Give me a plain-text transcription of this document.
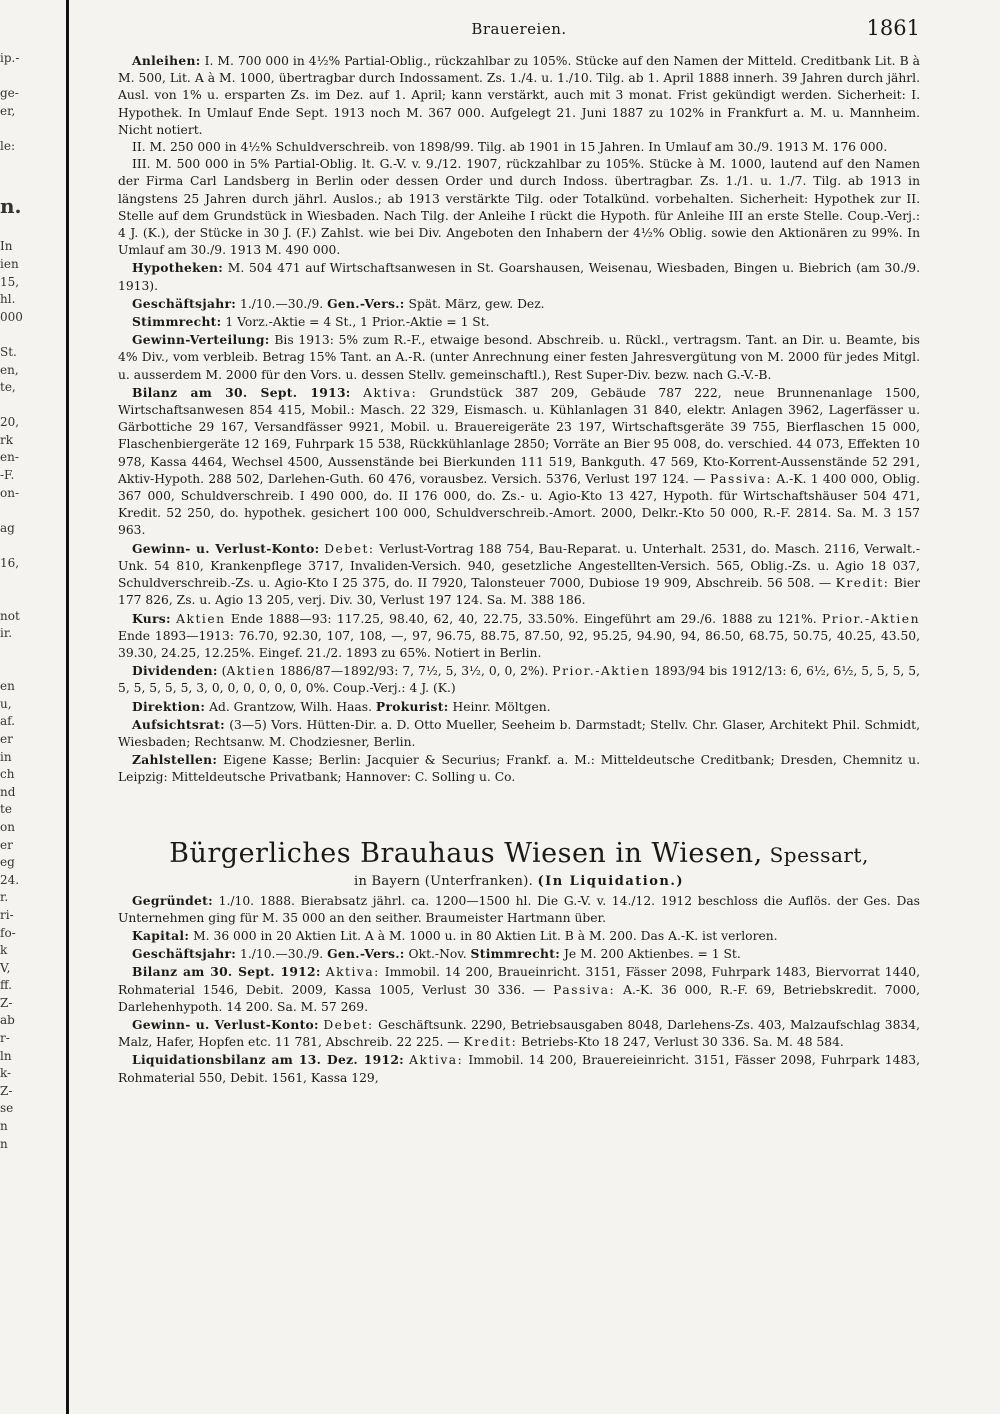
ip.-

ge-
er,

le:

n.

In
ien
15,
hl.
000

St.
en,
te,

20,
rk
en-
-F.
on-

ag

16,

not
ir.

en
u,
af.
er
in
ch
nd
te
on
er
eg
24.
r.
ri-
fo-
k
V,
ff.
Z-
ab
r-
ln
k-
Z-
se
n
n
Brauereien.	1861

Anleihen: I. M. 700 000 in 4½% Partial-Oblig., rückzahlbar zu 105%. Stücke auf den Namen der Mitteld. Creditbank Lit. B à M. 500, Lit. A à M. 1000, übertragbar durch Indossament. Zs. 1./4. u. 1./10. Tilg. ab 1. April 1888 innerh. 39 Jahren durch jährl. Ausl. von 1% u. ersparten Zs. im Dez. auf 1. April; kann verstärkt, auch mit 3 monat. Frist gekündigt werden. Sicherheit: I. Hypothek. In Umlauf Ende Sept. 1913 noch M. 367 000. Aufgelegt 21. Juni 1887 zu 102% in Frankfurt a. M. u. Mannheim. Nicht notiert.

II. M. 250 000 in 4½% Schuldverschreib. von 1898/99. Tilg. ab 1901 in 15 Jahren. In Umlauf am 30./9. 1913 M. 176 000.

III. M. 500 000 in 5% Partial-Oblig. lt. G.-V. v. 9./12. 1907, rückzahlbar zu 105%. Stücke à M. 1000, lautend auf den Namen der Firma Carl Landsberg in Berlin oder dessen Order und durch Indoss. übertragbar. Zs. 1./1. u. 1./7. Tilg. ab 1913 in längstens 25 Jahren durch jährl. Auslos.; ab 1913 verstärkte Tilg. oder Totalkünd. vorbehalten. Sicherheit: Hypothek zur II. Stelle auf dem Grundstück in Wiesbaden. Nach Tilg. der Anleihe I rückt die Hypoth. für Anleihe III an erste Stelle. Coup.-Verj.: 4 J. (K.), der Stücke in 30 J. (F.) Zahlst. wie bei Div. Angeboten den Inhabern der 4½% Oblig. sowie den Aktionären zu 99%. In Umlauf am 30./9. 1913 M. 490 000.

Hypotheken: M. 504 471 auf Wirtschaftsanwesen in St. Goarshausen, Weisenau, Wiesbaden, Bingen u. Biebrich (am 30./9. 1913).

Geschäftsjahr: 1./10.—30./9. Gen.-Vers.: Spät. März, gew. Dez.

Stimmrecht: 1 Vorz.-Aktie = 4 St., 1 Prior.-Aktie = 1 St.

Gewinn-Verteilung: Bis 1913: 5% zum R.-F., etwaige besond. Abschreib. u. Rückl., vertragsm. Tant. an Dir. u. Beamte, bis 4% Div., vom verbleib. Betrag 15% Tant. an A.-R. (unter Anrechnung einer festen Jahresvergütung von M. 2000 für jedes Mitgl. u. ausserdem M. 2000 für den Vors. u. dessen Stellv. gemeinschaftl.), Rest Super-Div. bezw. nach G.-V.-B.

Bilanz am 30. Sept. 1913: Aktiva: Grundstück 387 209, Gebäude 787 222, neue Brunnenanlage 1500, Wirtschaftsanwesen 854 415, Mobil.: Masch. 22 329, Eismasch. u. Kühlanlagen 31 840, elektr. Anlagen 3962, Lagerfässer u. Gärbottiche 29 167, Versandfässer 9921, Mobil. u. Brauereigeräte 23 197, Wirtschaftsgeräte 39 755, Bierflaschen 15 000, Flaschenbiergeräte 12 169, Fuhrpark 15 538, Rückkühlanlage 2850; Vorräte an Bier 95 008, do. verschied. 44 073, Effekten 10 978, Kassa 4464, Wechsel 4500, Aussenstände bei Bierkunden 111 519, Bankguth. 47 569, Kto-Korrent-Aussenstände 52 291, Aktiv-Hypoth. 288 502, Darlehen-Guth. 60 476, vorausbez. Versich. 5376, Verlust 197 124. — Passiva: A.-K. 1 400 000, Oblig. 367 000, Schuldverschreib. I 490 000, do. II 176 000, do. Zs.- u. Agio-Kto 13 427, Hypoth. für Wirtschaftshäuser 504 471, Kredit. 52 250, do. hypothek. gesichert 100 000, Schuldverschreib.-Amort. 2000, Delkr.-Kto 50 000, R.-F. 2814. Sa. M. 3 157 963.

Gewinn- u. Verlust-Konto: Debet: Verlust-Vortrag 188 754, Bau-Reparat. u. Unterhalt. 2531, do. Masch. 2116, Verwalt.-Unk. 54 810, Krankenpflege 3717, Invaliden-Versich. 940, gesetzliche Angestellten-Versich. 565, Oblig.-Zs. u. Agio 18 037, Schuldverschreib.-Zs. u. Agio-Kto I 25 375, do. II 7920, Talonsteuer 7000, Dubiose 19 909, Abschreib. 56 508. — Kredit: Bier 177 826, Zs. u. Agio 13 205, verj. Div. 30, Verlust 197 124. Sa. M. 388 186.

Kurs: Aktien Ende 1888—93: 117.25, 98.40, 62, 40, 22.75, 33.50%. Eingeführt am 29./6. 1888 zu 121%. Prior.-Aktien Ende 1893—1913: 76.70, 92.30, 107, 108, —, 97, 96.75, 88.75, 87.50, 92, 95.25, 94.90, 94, 86.50, 68.75, 50.75, 40.25, 43.50, 39.30, 24.25, 12.25%. Eingef. 21./2. 1893 zu 65%. Notiert in Berlin.

Dividenden: (Aktien 1886/87—1892/93: 7, 7½, 5, 3½, 0, 0, 2%). Prior.-Aktien 1893/94 bis 1912/13: 6, 6½, 6½, 5, 5, 5, 5, 5, 5, 5, 5, 5, 3, 0, 0, 0, 0, 0, 0, 0%. Coup.-Verj.: 4 J. (K.)

Direktion: Ad. Grantzow, Wilh. Haas. Prokurist: Heinr. Möltgen.

Aufsichtsrat: (3—5) Vors. Hütten-Dir. a. D. Otto Mueller, Seeheim b. Darmstadt; Stellv. Chr. Glaser, Architekt Phil. Schmidt, Wiesbaden; Rechtsanw. M. Chodziesner, Berlin.

Zahlstellen: Eigene Kasse; Berlin: Jacquier & Securius; Frankf. a. M.: Mitteldeutsche Creditbank; Dresden, Chemnitz u. Leipzig: Mitteldeutsche Privatbank; Hannover: C. Solling u. Co.

Bürgerliches Brauhaus Wiesen in Wiesen, Spessart,
in Bayern (Unterfranken). (In Liquidation.)

Gegründet: 1./10. 1888. Bierabsatz jährl. ca. 1200—1500 hl. Die G.-V. v. 14./12. 1912 beschloss die Auflös. der Ges. Das Unternehmen ging für M. 35 000 an den seither. Braumeister Hartmann über.

Kapital: M. 36 000 in 20 Aktien Lit. A à M. 1000 u. in 80 Aktien Lit. B à M. 200. Das A.-K. ist verloren.

Geschäftsjahr: 1./10.—30./9. Gen.-Vers.: Okt.-Nov. Stimmrecht: Je M. 200 Aktienbes. = 1 St.

Bilanz am 30. Sept. 1912: Aktiva: Immobil. 14 200, Braueinricht. 3151, Fässer 2098, Fuhrpark 1483, Biervorrat 1440, Rohmaterial 1546, Debit. 2009, Kassa 1005, Verlust 30 336. — Passiva: A.-K. 36 000, R.-F. 69, Betriebskredit. 7000, Darlehenhypoth. 14 200. Sa. M. 57 269.

Gewinn- u. Verlust-Konto: Debet: Geschäftsunk. 2290, Betriebsausgaben 8048, Darlehens-Zs. 403, Malzaufschlag 3834, Malz, Hafer, Hopfen etc. 11 781, Abschreib. 22 225. — Kredit: Betriebs-Kto 18 247, Verlust 30 336. Sa. M. 48 584.

Liquidationsbilanz am 13. Dez. 1912: Aktiva: Immobil. 14 200, Brauereieinricht. 3151, Fässer 2098, Fuhrpark 1483, Rohmaterial 550, Debit. 1561, Kassa 129,
